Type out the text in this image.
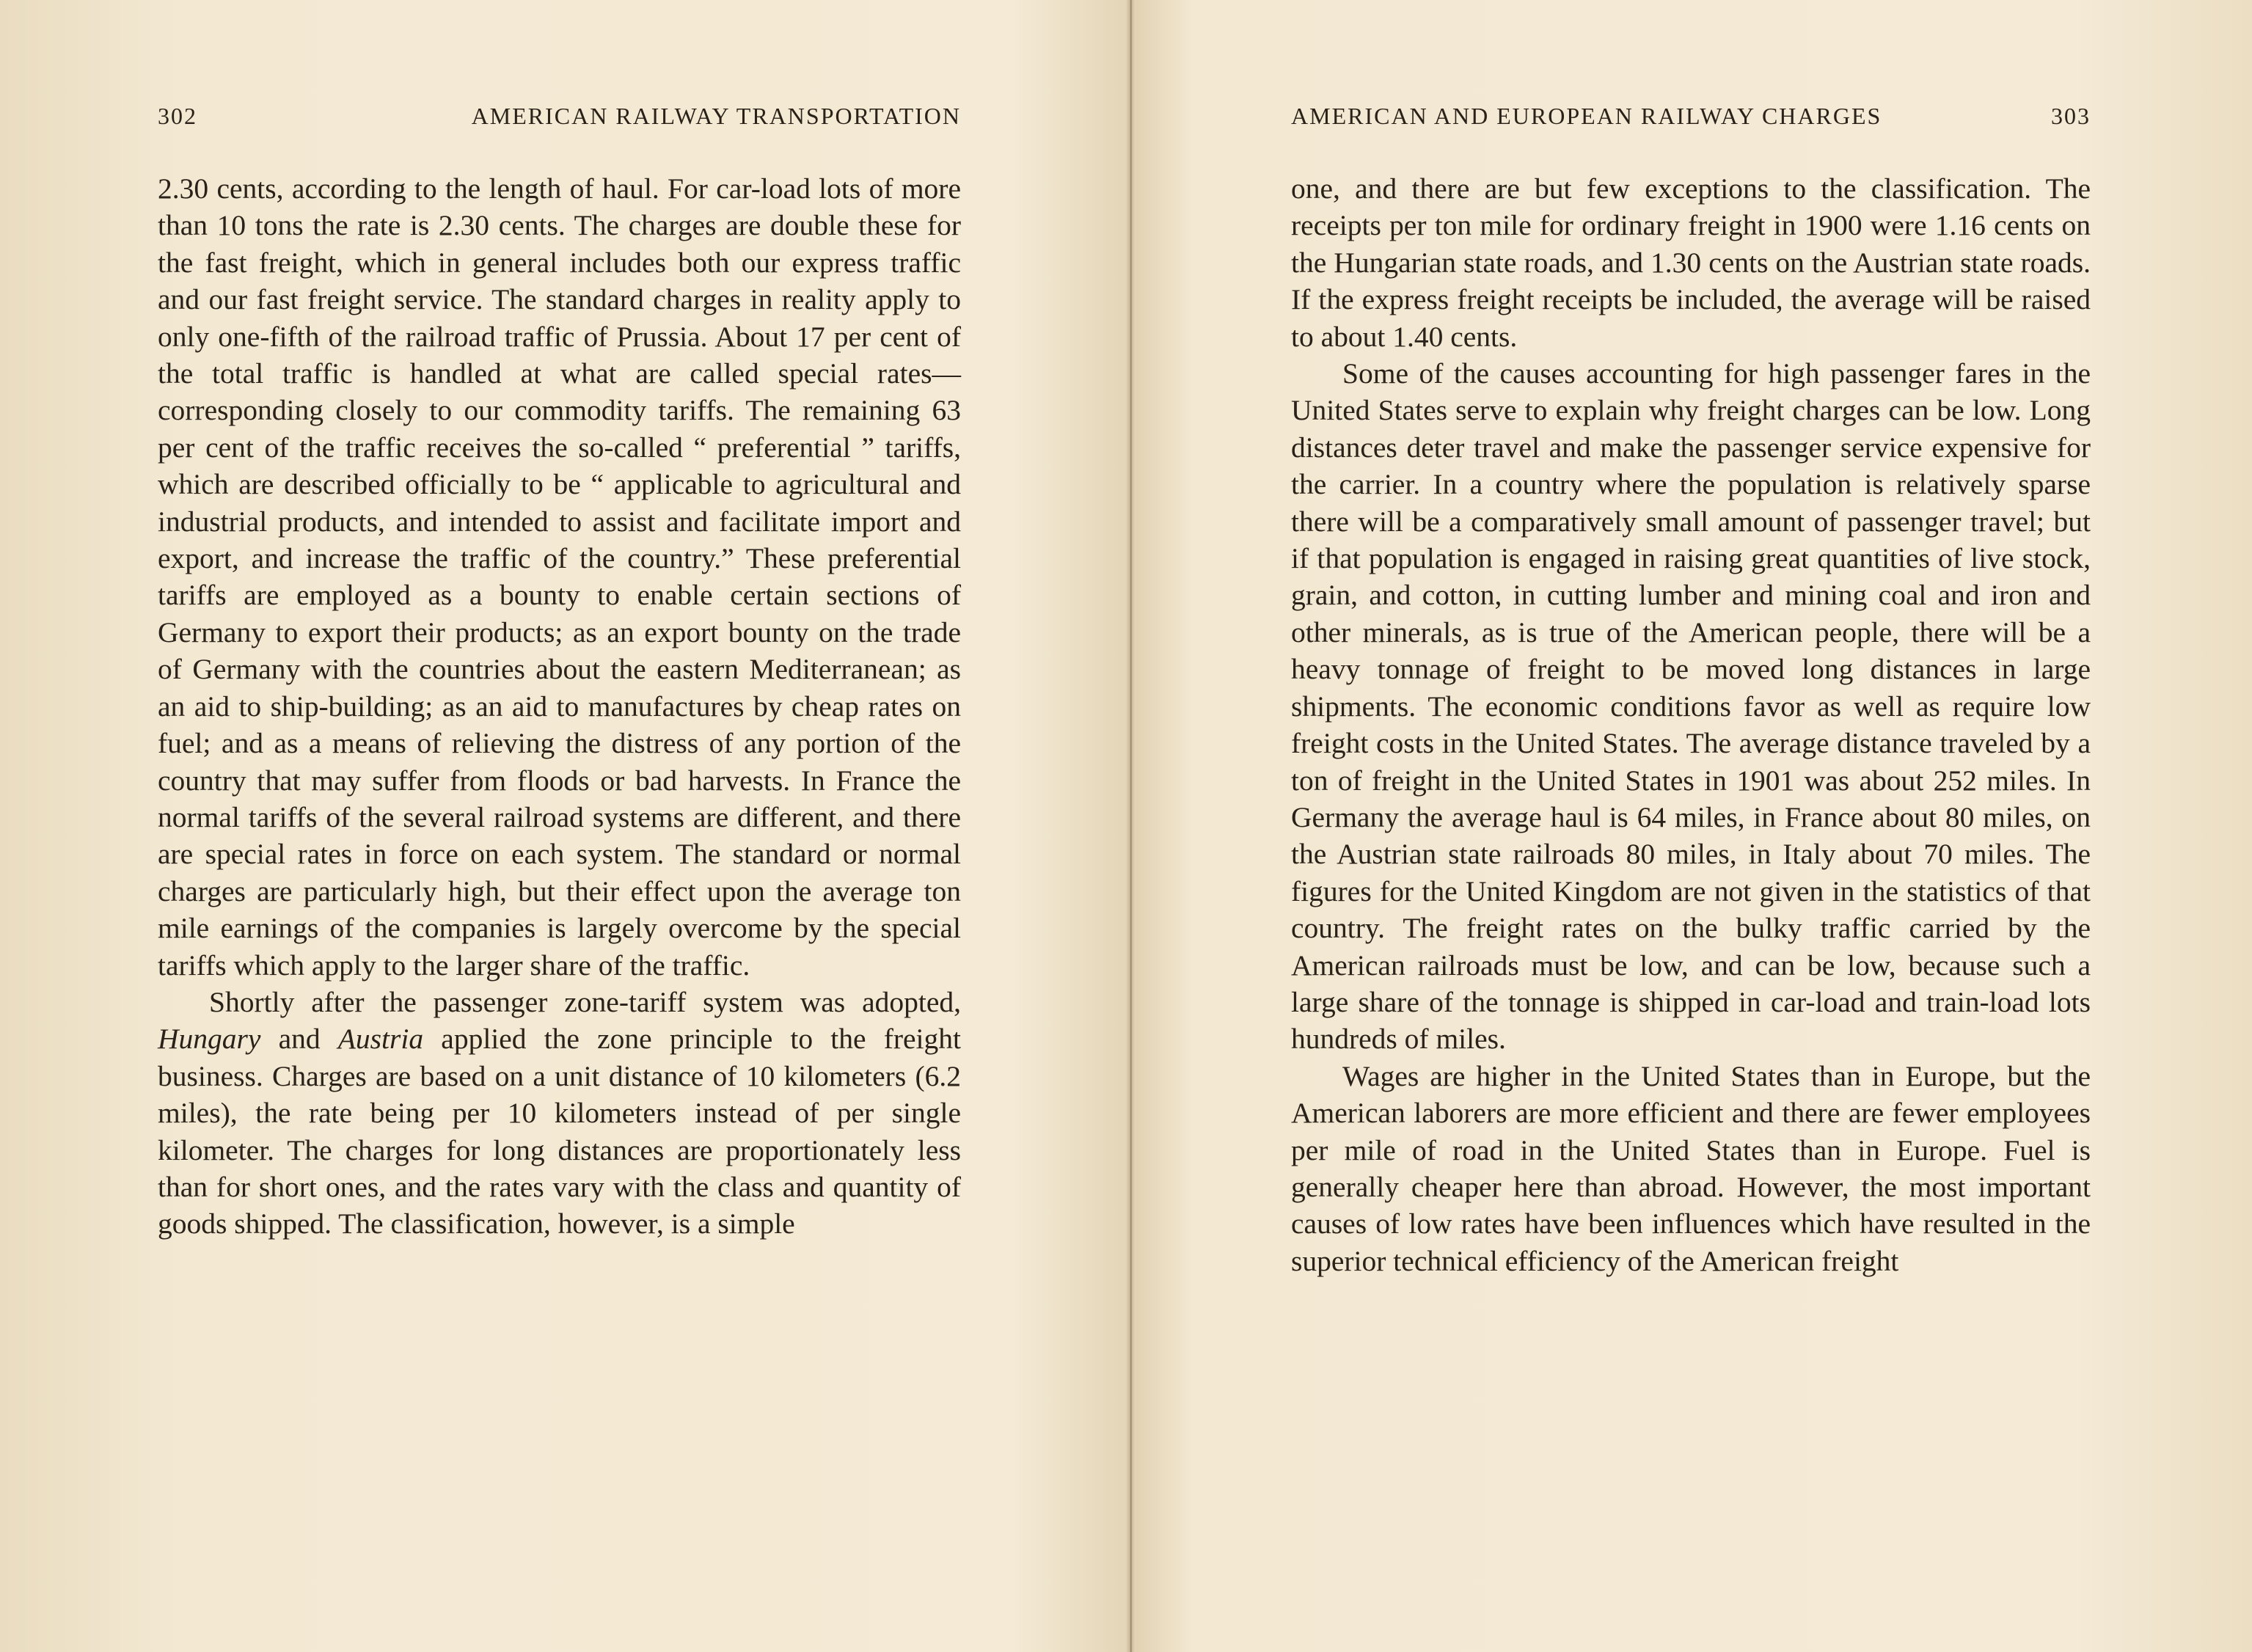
302	AMERICAN RAILWAY TRANSPORTATION

2.30 cents, according to the length of haul. For car-load lots of more than 10 tons the rate is 2.30 cents. The charges are double these for the fast freight, which in general includes both our express traffic and our fast freight service. The standard charges in reality apply to only one-fifth of the railroad traffic of Prussia. About 17 per cent of the total traffic is handled at what are called special rates—corresponding closely to our commodity tariffs. The remaining 63 per cent of the traffic receives the so-called “ preferential ” tariffs, which are described officially to be “ applicable to agricultural and industrial products, and intended to assist and facilitate import and export, and increase the traffic of the country.” These preferential tariffs are employed as a bounty to enable certain sections of Germany to export their products; as an export bounty on the trade of Germany with the countries about the eastern Mediterranean; as an aid to ship-building; as an aid to manufactures by cheap rates on fuel; and as a means of relieving the distress of any portion of the country that may suffer from floods or bad harvests. In France the normal tariffs of the several railroad systems are different, and there are special rates in force on each system. The standard or normal charges are particularly high, but their effect upon the average ton mile earnings of the companies is largely overcome by the special tariffs which apply to the larger share of the traffic.

Shortly after the passenger zone-tariff system was adopted, Hungary and Austria applied the zone principle to the freight business. Charges are based on a unit distance of 10 kilometers (6.2 miles), the rate being per 10 kilometers instead of per single kilometer. The charges for long distances are proportionately less than for short ones, and the rates vary with the class and quantity of goods shipped. The classification, however, is a simple

AMERICAN AND EUROPEAN RAILWAY CHARGES	303

one, and there are but few exceptions to the classification. The receipts per ton mile for ordinary freight in 1900 were 1.16 cents on the Hungarian state roads, and 1.30 cents on the Austrian state roads. If the express freight receipts be included, the average will be raised to about 1.40 cents.

Some of the causes accounting for high passenger fares in the United States serve to explain why freight charges can be low. Long distances deter travel and make the passenger service expensive for the carrier. In a country where the population is relatively sparse there will be a comparatively small amount of passenger travel; but if that population is engaged in raising great quantities of live stock, grain, and cotton, in cutting lumber and mining coal and iron and other minerals, as is true of the American people, there will be a heavy tonnage of freight to be moved long distances in large shipments. The economic conditions favor as well as require low freight costs in the United States. The average distance traveled by a ton of freight in the United States in 1901 was about 252 miles. In Germany the average haul is 64 miles, in France about 80 miles, on the Austrian state railroads 80 miles, in Italy about 70 miles. The figures for the United Kingdom are not given in the statistics of that country. The freight rates on the bulky traffic carried by the American railroads must be low, and can be low, because such a large share of the tonnage is shipped in car-load and train-load lots hundreds of miles.

Wages are higher in the United States than in Europe, but the American laborers are more efficient and there are fewer employees per mile of road in the United States than in Europe. Fuel is generally cheaper here than abroad. However, the most important causes of low rates have been influences which have resulted in the superior technical efficiency of the American freight
